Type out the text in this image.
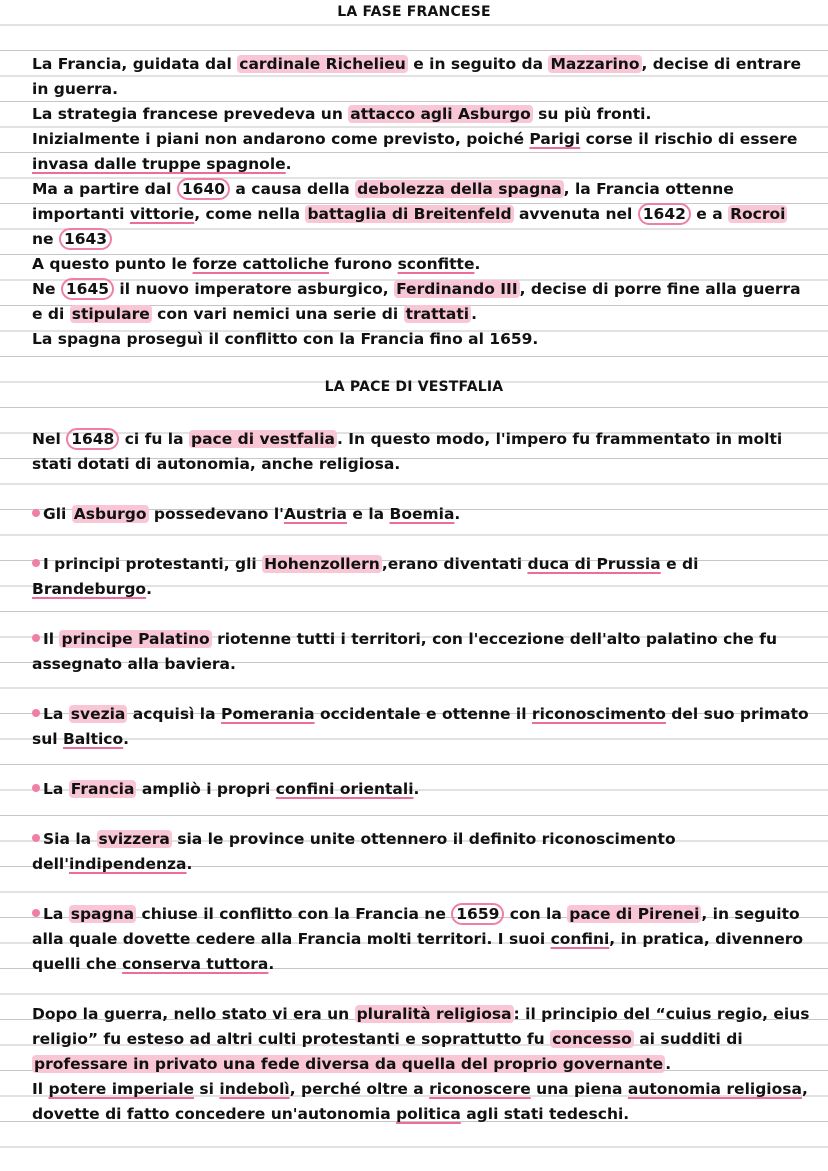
LA FASE FRANCESE

La Francia, guidata dal cardinale Richelieu e in seguito da Mazzarino , decise di entrare in guerra.

La strategia francese prevedeva un attacco agli Asburgo su più fronti.

Inizialmente i piani non andarono come previsto, poiché Parigi corse il rischio di essere invasa dalle truppe spagnole.

Ma a partire dal 1640 a causa della debolezza della spagna , la Francia ottenne importanti vittorie, come nella battaglia di Breitenfeld avvenuta nel 1642 e a Rocroi ne 1643

A questo punto le forze cattoliche furono sconfitte.

Ne 1645 il nuovo imperatore asburgico, Ferdinando III , decise di porre fine alla guerra e di stipulare con vari nemici una serie di trattati .

La spagna proseguì il conflitto con la Francia fino al 1659.

LA PACE DI VESTFALIA

Nel 1648 ci fu la pace di vestfalia . In questo modo, l'impero fu frammentato in molti stati dotati di autonomia, anche religiosa.

Gli Asburgo possedevano l'Austria e la Boemia.

I principi protestanti, gli Hohenzollern ,erano diventati duca di Prussia e di Brandeburgo.

Il principe Palatino riotenne tutti i territori, con l'eccezione dell'alto palatino che fu assegnato alla baviera.

La svezia acquisì la Pomerania occidentale e ottenne il riconoscimento del suo primato sul Baltico.

La Francia ampliò i propri confini orientali.

Sia la svizzera sia le province unite ottennero il definito riconoscimento dell'indipendenza.

La spagna chiuse il conflitto con la Francia ne 1659 con la pace di Pirenei , in seguito alla quale dovette cedere alla Francia molti territori. I suoi confini, in pratica, divennero quelli che conserva tuttora.

Dopo la guerra, nello stato vi era un pluralità religiosa : il principio del “cuius regio, eius religio” fu esteso ad altri culti protestanti e soprattutto fu concesso ai sudditi di professare in privato una fede diversa da quella del proprio governante .

Il potere imperiale si indebolì, perché oltre a riconoscere una piena autonomia religiosa, dovette di fatto concedere un'autonomia politica agli stati tedeschi.
